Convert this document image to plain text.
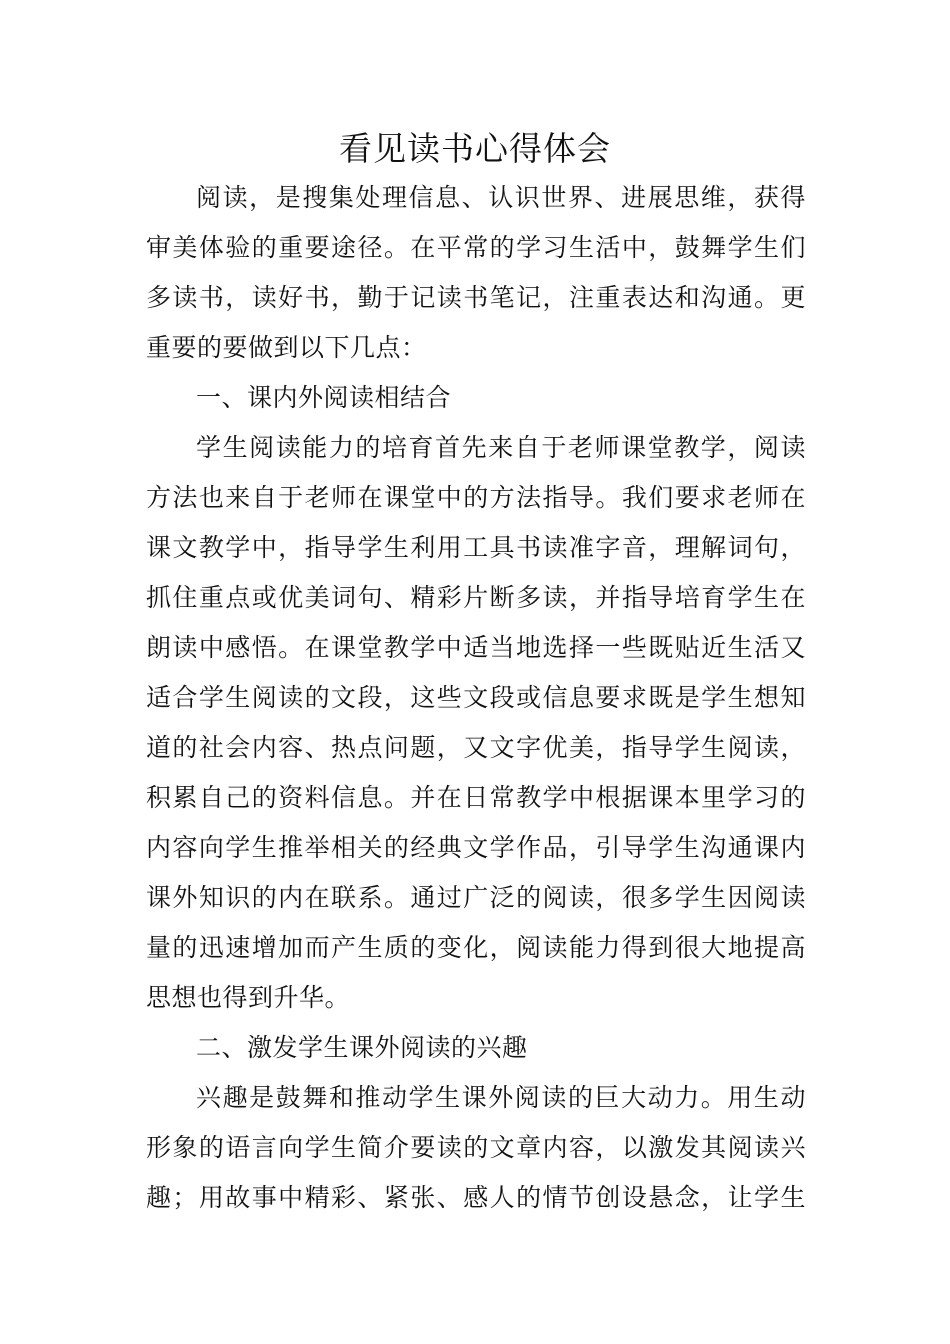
看见读书心得体会
阅读，是搜集处理信息、认识世界、进展思维，获得
审美体验的重要途径。在平常的学习生活中，鼓舞学生们
多读书，读好书，勤于记读书笔记，注重表达和沟通。更
重要的要做到以下几点：
一、课内外阅读相结合
学生阅读能力的培育首先来自于老师课堂教学，阅读
方法也来自于老师在课堂中的方法指导。我们要求老师在
课文教学中，指导学生利用工具书读准字音，理解词句，
抓住重点或优美词句、精彩片断多读，并指导培育学生在
朗读中感悟。在课堂教学中适当地选择一些既贴近生活又
适合学生阅读的文段，这些文段或信息要求既是学生想知
道的社会内容、热点问题，又文字优美，指导学生阅读，
积累自己的资料信息。并在日常教学中根据课本里学习的
内容向学生推举相关的经典文学作品，引导学生沟通课内
课外知识的内在联系。通过广泛的阅读，很多学生因阅读
量的迅速增加而产生质的变化，阅读能力得到很大地提高
思想也得到升华。
二、激发学生课外阅读的兴趣
兴趣是鼓舞和推动学生课外阅读的巨大动力。用生动
形象的语言向学生简介要读的文章内容，以激发其阅读兴
趣；用故事中精彩、紧张、感人的情节创设悬念，让学生
